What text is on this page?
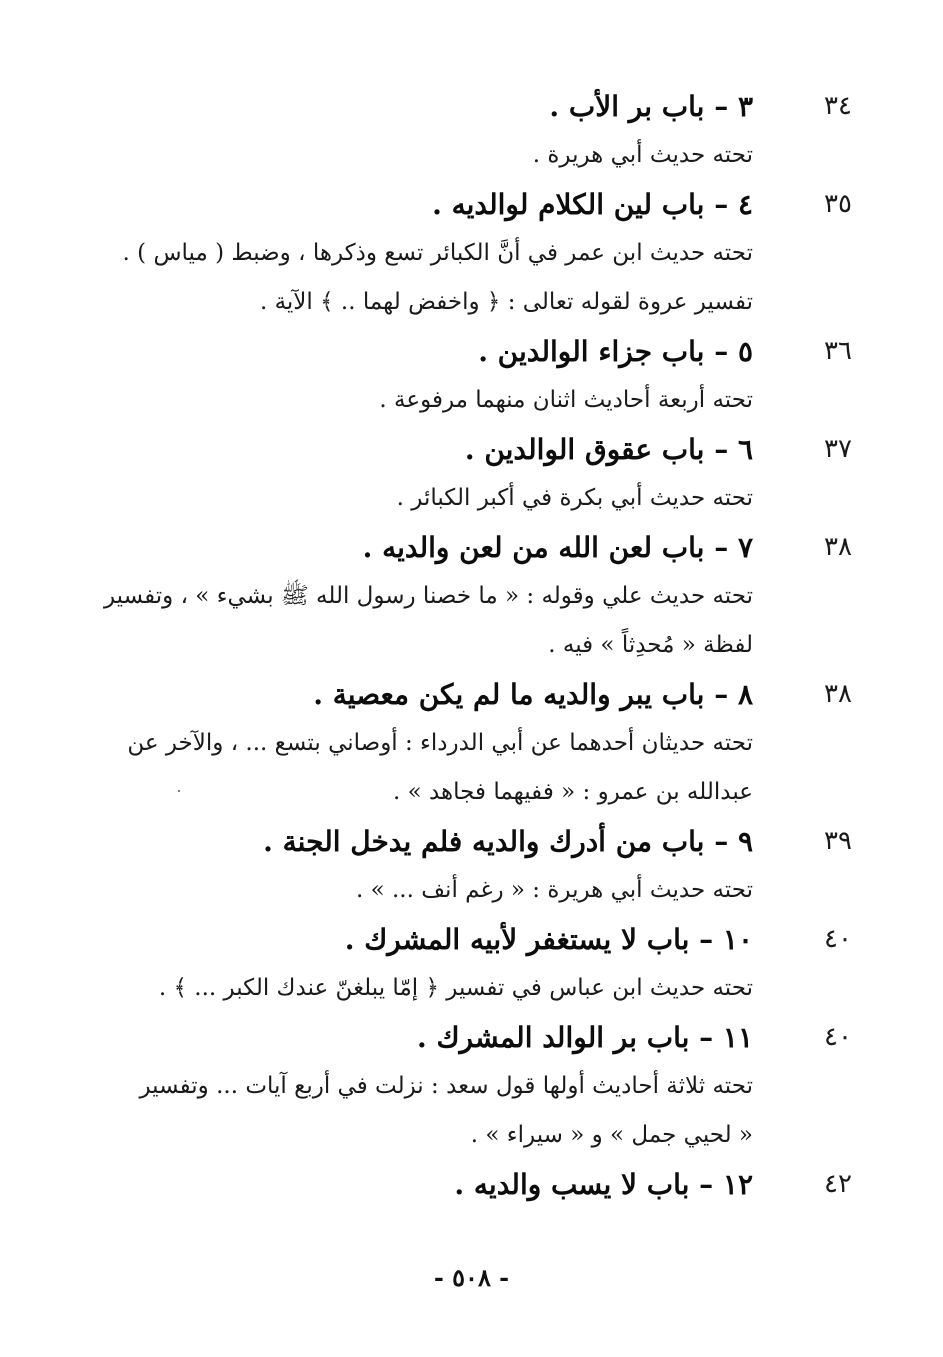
٣٤
٣ – باب بر الأب .
تحته حديث أبي هريرة .
٣٥
٤ – باب لين الكلام لوالديه .
تحته حديث ابن عمر في أنَّ الكبائر تسع وذكرها ، وضبط ( مياس ) .
تفسير عروة لقوله تعالى : ﴿ واخفض لهما .. ﴾ الآية .
٣٦
٥ – باب جزاء الوالدين .
تحته أربعة أحاديث اثنان منهما مرفوعة .
٣٧
٦ – باب عقوق الوالدين .
تحته حديث أبي بكرة في أكبر الكبائر .
٣٨
٧ – باب لعن الله من لعن والديه .
تحته حديث علي وقوله : « ما خصنا رسول الله ﷺ بشيء » ، وتفسير
لفظة « مُحدِثاً » فيه .
٣٨
٨ – باب يبر والديه ما لم يكن معصية .
تحته حديثان أحدهما عن أبي الدرداء : أوصاني بتسع ... ، والآخر عن
عبدالله بن عمرو : « ففيهما فجاهد » .
٣٩
٩ – باب من أدرك والديه فلم يدخل الجنة .
تحته حديث أبي هريرة : « رغم أنف ... » .
٤٠
١٠ – باب لا يستغفر لأبيه المشرك .
تحته حديث ابن عباس في تفسير ﴿ إمّا يبلغنّ عندك الكبر ... ﴾ .
٤٠
١١ – باب بر الوالد المشرك .
تحته ثلاثة أحاديث أولها قول سعد : نزلت في أربع آيات ... وتفسير
« لحيي جمل » و « سيراء » .
٤٢
١٢ – باب لا يسب والديه .
- ٥٠٨ -
